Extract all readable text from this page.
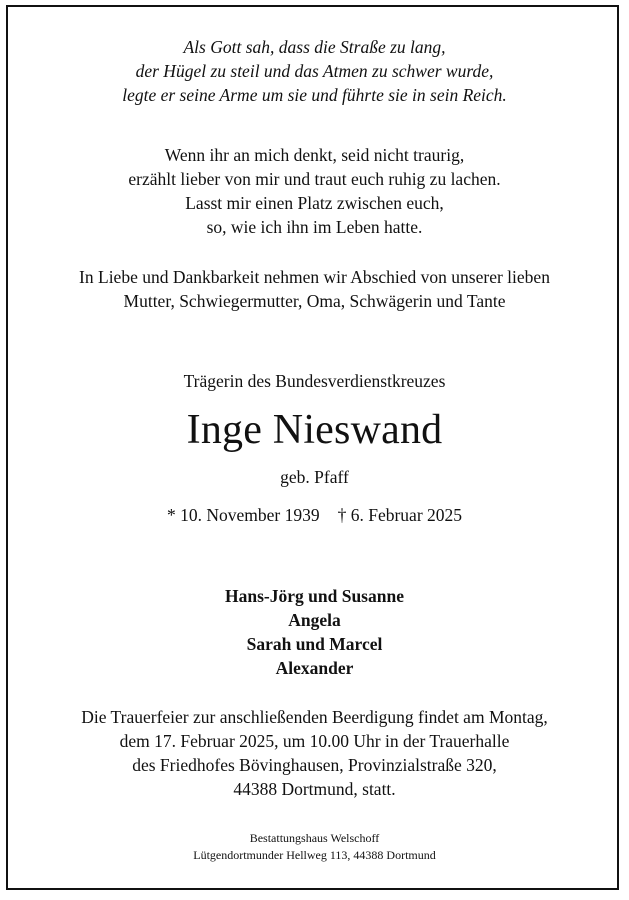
Als Gott sah, dass die Straße zu lang,
der Hügel zu steil und das Atmen zu schwer wurde,
legte er seine Arme um sie und führte sie in sein Reich.
Wenn ihr an mich denkt, seid nicht traurig,
erzählt lieber von mir und traut euch ruhig zu lachen.
Lasst mir einen Platz zwischen euch,
so, wie ich ihn im Leben hatte.
In Liebe und Dankbarkeit nehmen wir Abschied von unserer lieben
Mutter, Schwiegermutter, Oma, Schwägerin und Tante
Trägerin des Bundesverdienstkreuzes
Inge Nieswand
geb. Pfaff
* 10. November 1939 † 6. Februar 2025
Hans-Jörg und Susanne
Angela
Sarah und Marcel
Alexander
Die Trauerfeier zur anschließenden Beerdigung findet am Montag,
dem 17. Februar 2025, um 10.00 Uhr in der Trauerhalle
des Friedhofes Bövinghausen, Provinzialstraße 320,
44388 Dortmund, statt.
Bestattungshaus Welschoff
Lütgendortmunder Hellweg 113, 44388 Dortmund
